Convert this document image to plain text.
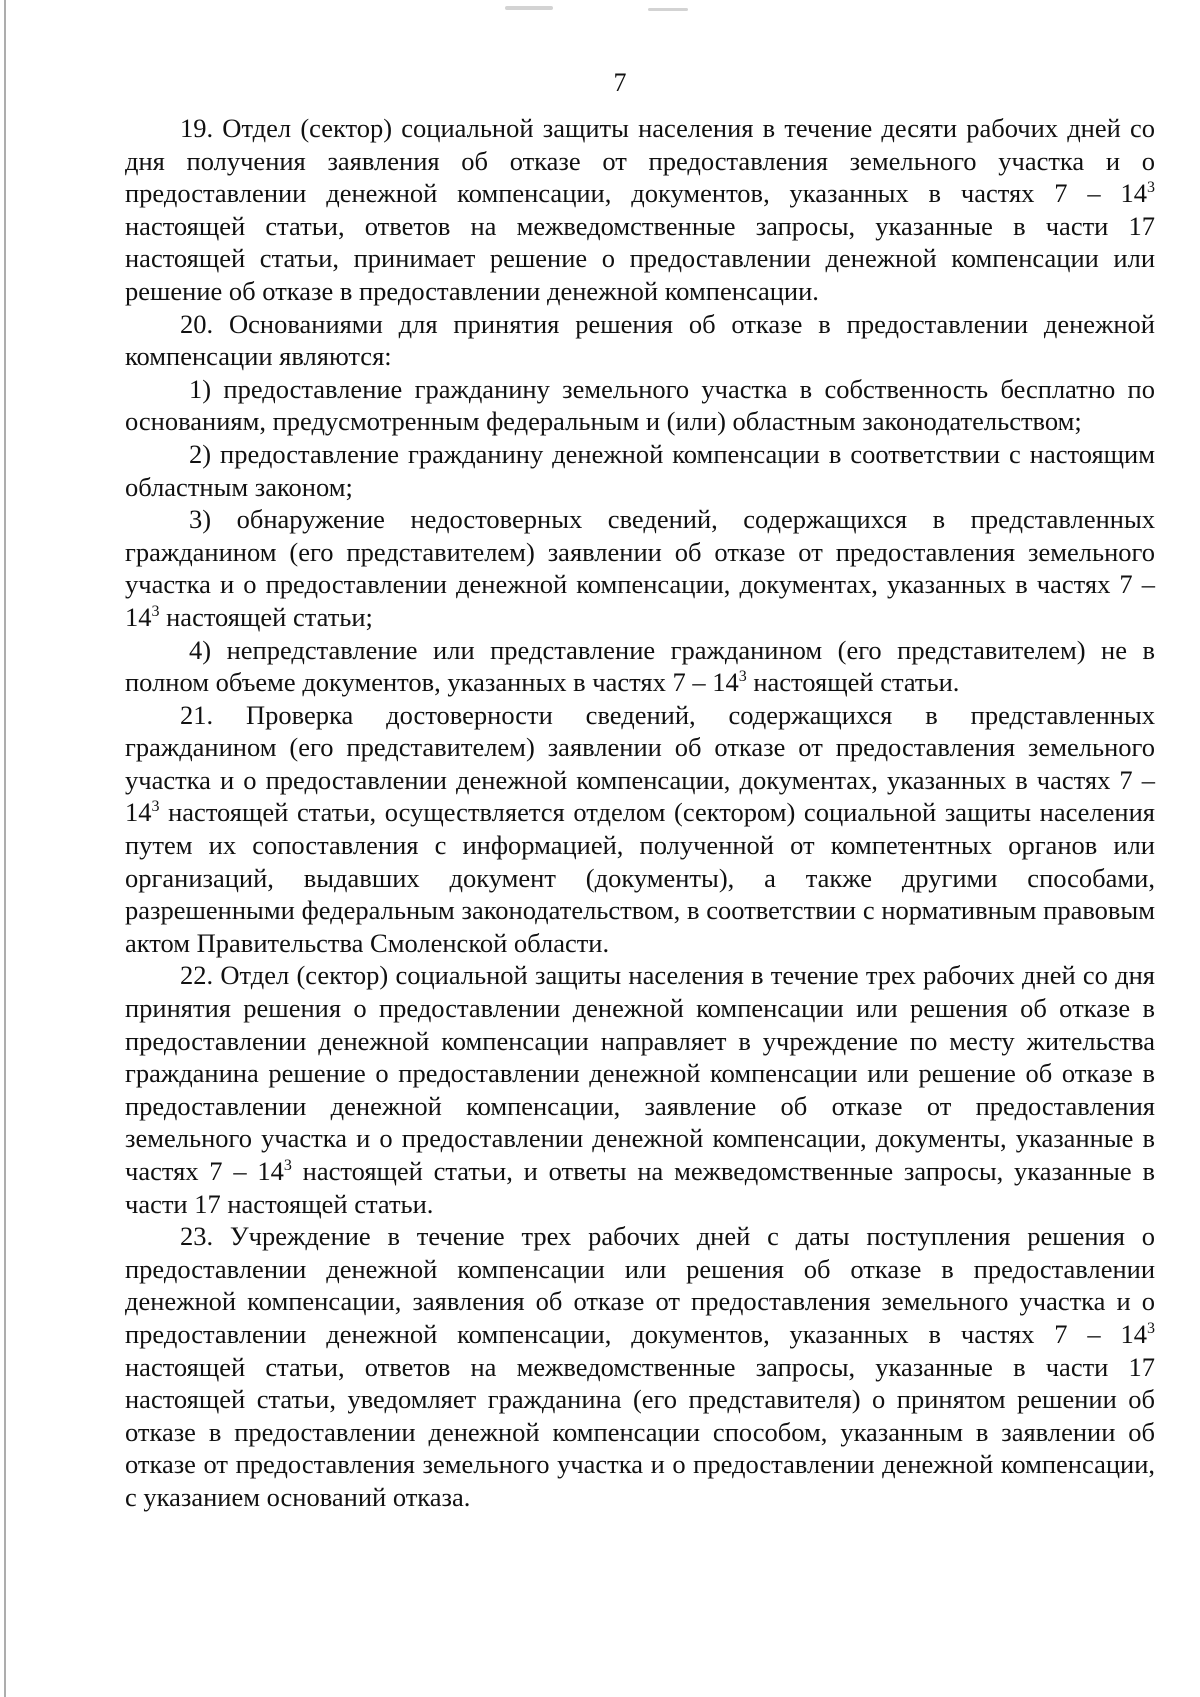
7

19. Отдел (сектор) социальной защиты населения в течение десяти рабочих дней со дня получения заявления об отказе от предоставления земельного участка и о предоставлении денежной компенсации, документов, указанных в частях $7 - 14^3$ настоящей статьи, ответов на межведомственные запросы, указанные в части 17 настоящей статьи, принимает решение о предоставлении денежной компенсации или решение об отказе в предоставлении денежной компенсации.

20. Основаниями для принятия решения об отказе в предоставлении денежной компенсации являются:

1) предоставление гражданину земельного участка в собственность бесплатно по основаниям, предусмотренным федеральным и (или) областным законодательством;

2) предоставление гражданину денежной компенсации в соответствии с настоящим областным законом;

3) обнаружение недостоверных сведений, содержащихся в представленных гражданином (его представителем) заявлении об отказе от предоставления земельного участка и о предоставлении денежной компенсации, документах, указанных в частях $7 - 14^3$ настоящей статьи;

4) непредставление или представление гражданином (его представителем) не в полном объеме документов, указанных в частях $7 - 14^3$ настоящей статьи.

21. Проверка достоверности сведений, содержащихся в представленных гражданином (его представителем) заявлении об отказе от предоставления земельного участка и о предоставлении денежной компенсации, документах, указанных в частях $7 - 14^3$ настоящей статьи, осуществляется отделом (сектором) социальной защиты населения путем их сопоставления с информацией, полученной от компетентных органов или организаций, выдавших документ (документы), а также другими способами, разрешенными федеральным законодательством, в соответствии с нормативным правовым актом Правительства Смоленской области.

22. Отдел (сектор) социальной защиты населения в течение трех рабочих дней со дня принятия решения о предоставлении денежной компенсации или решения об отказе в предоставлении денежной компенсации направляет в учреждение по месту жительства гражданина решение о предоставлении денежной компенсации или решение об отказе в предоставлении денежной компенсации, заявление об отказе от предоставления земельного участка и о предоставлении денежной компенсации, документы, указанные в частях $7 - 14^3$ настоящей статьи, и ответы на межведомственные запросы, указанные в части 17 настоящей статьи.

23. Учреждение в течение трех рабочих дней с даты поступления решения о предоставлении денежной компенсации или решения об отказе в предоставлении денежной компенсации, заявления об отказе от предоставления земельного участка и о предоставлении денежной компенсации, документов, указанных в частях $7 - 14^3$ настоящей статьи, ответов на межведомственные запросы, указанные в части 17 настоящей статьи, уведомляет гражданина (его представителя) о принятом решении об отказе в предоставлении денежной компенсации способом, указанным в заявлении об отказе от предоставления земельного участка и о предоставлении денежной компенсации, с указанием оснований отказа.
